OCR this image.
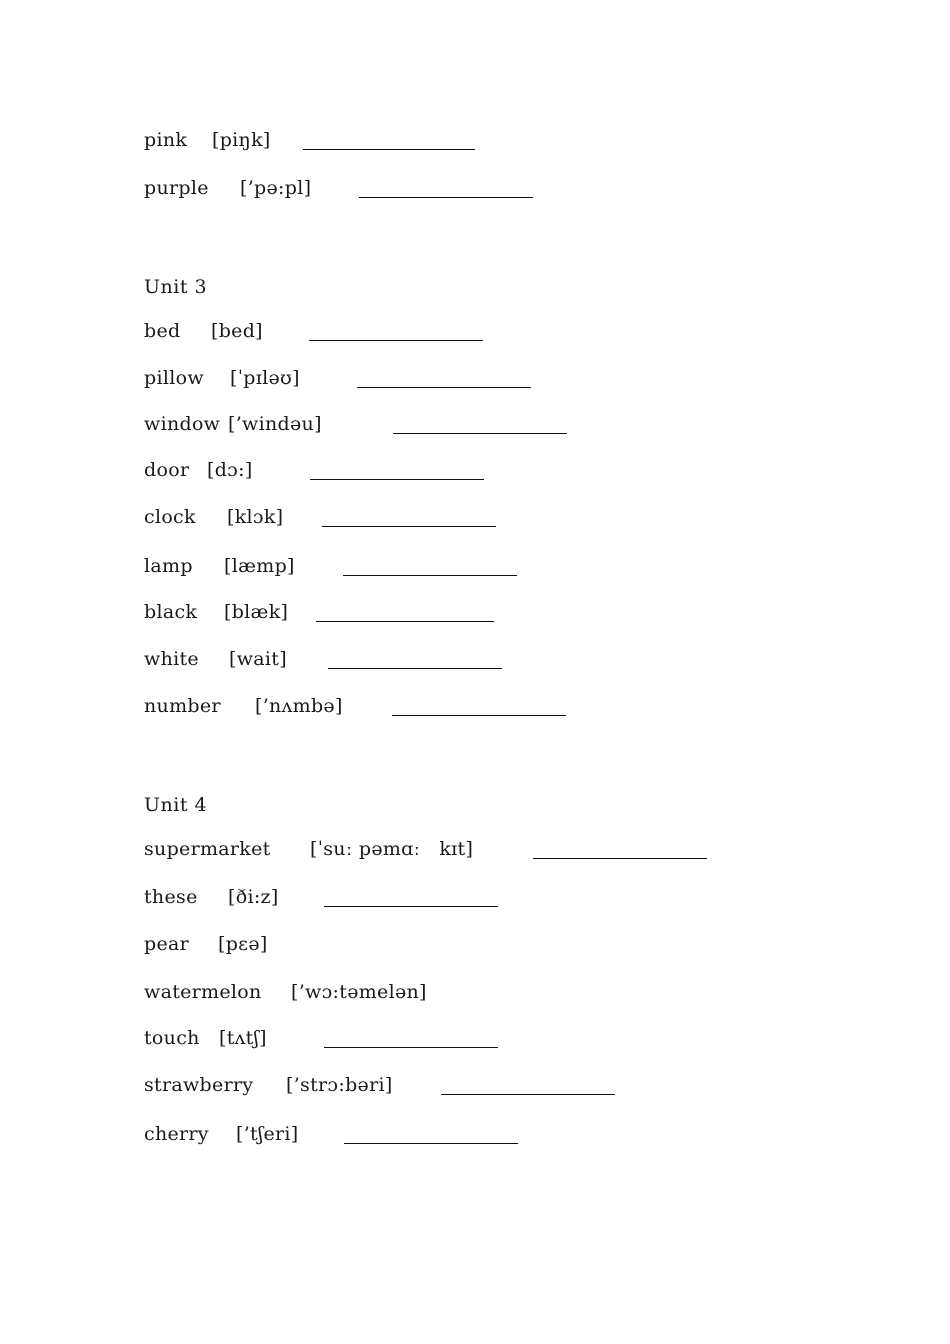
pink [piŋk]
purple [’pə:pl]
Unit 3
bed [bed]
pillow [ˈpɪləʊ]
window [’windəu]
door [dɔ:]
clock [klɔk]
lamp [læmp]
black [blæk]
white [wait]
number [’nʌmbə]
Unit 4
supermarket [ˈsuː pəmɑː   kɪt]
these [ði:z]
pear [pɛə]
watermelon [’wɔ:təmelən]
touch [tʌtʃ]
strawberry [’strɔ:bəri]
cherry [’tʃeri]
